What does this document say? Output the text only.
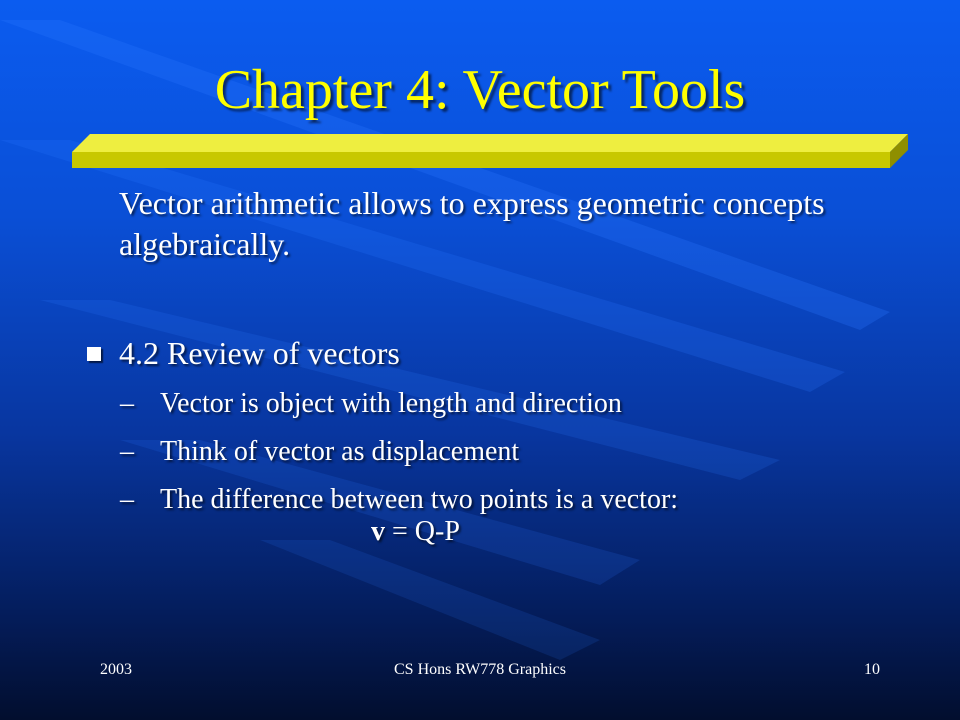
Chapter 4: Vector Tools

Vector arithmetic allows to express geometric concepts algebraically.

4.2 Review of vectors
– Vector is object with length and direction
– Think of vector as displacement
– The difference between two points is a vector:
v = Q-P
2003	CS Hons RW778 Graphics	10
